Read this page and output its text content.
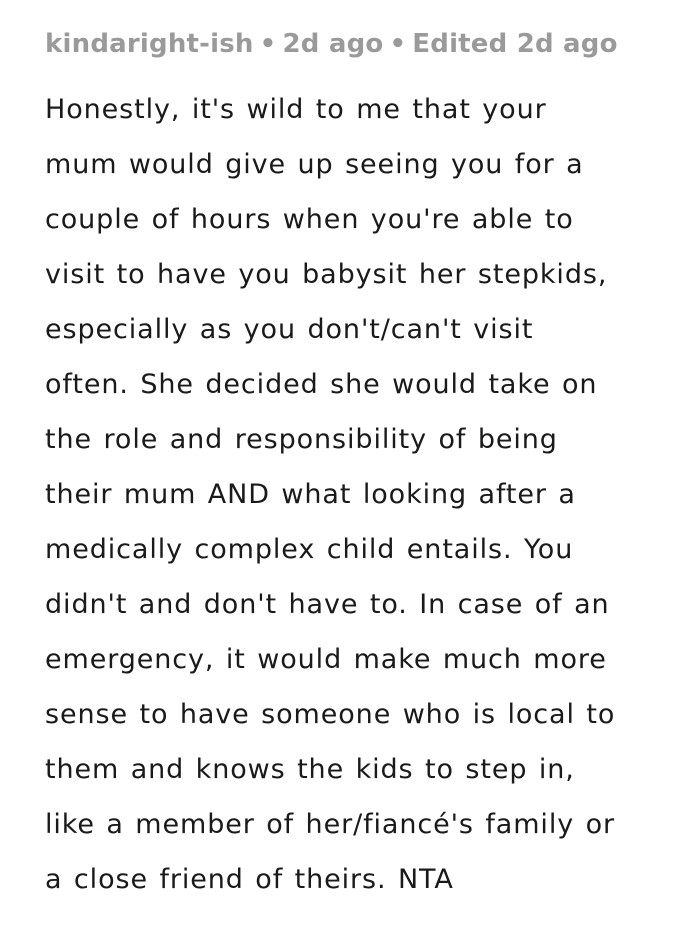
kindaright-ish • 2d ago • Edited 2d ago
Honestly, it's wild to me that your
mum would give up seeing you for a
couple of hours when you're able to
visit to have you babysit her stepkids,
especially as you don't/can't visit
often. She decided she would take on
the role and responsibility of being
their mum AND what looking after a
medically complex child entails. You
didn't and don't have to. In case of an
emergency, it would make much more
sense to have someone who is local to
them and knows the kids to step in,
like a member of her/fiancé's family or
a close friend of theirs. NTA
